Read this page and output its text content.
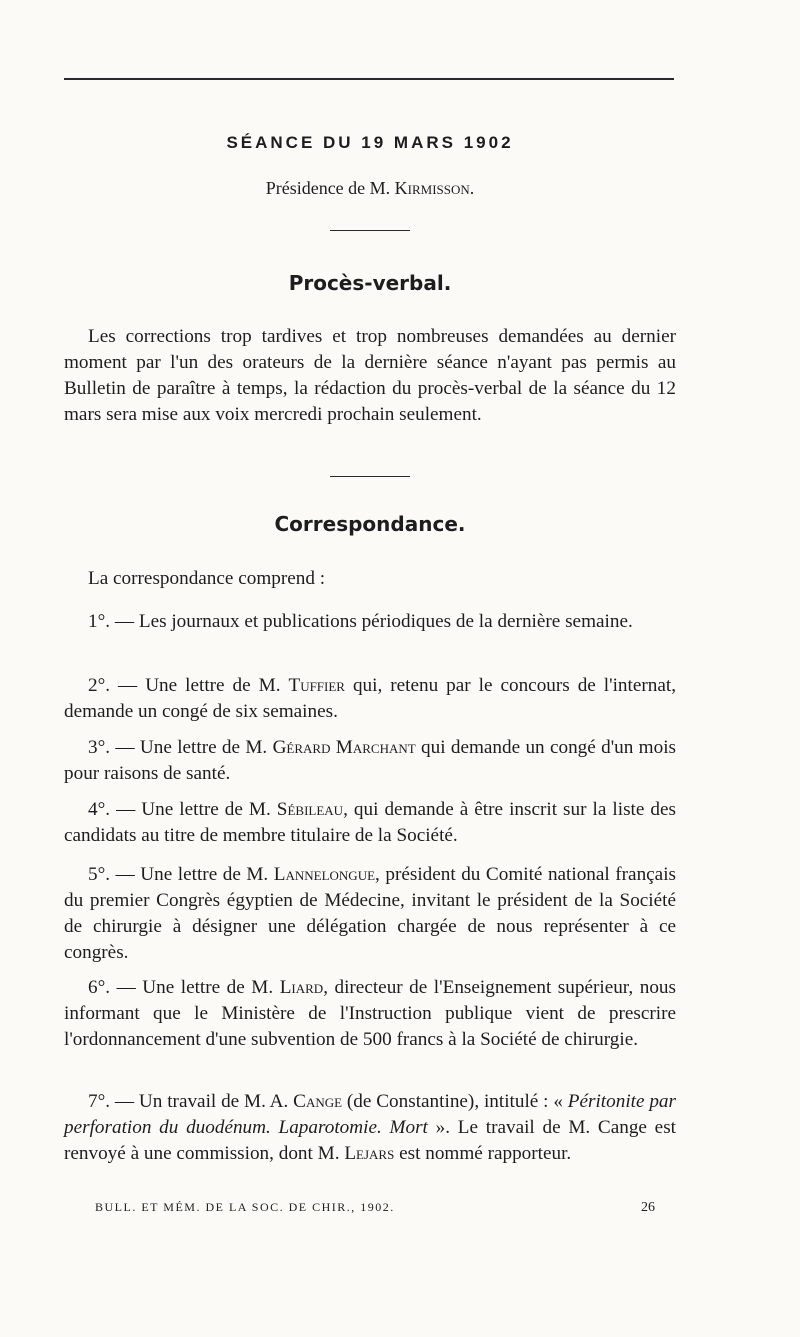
SÉANCE DU 19 MARS 1902
Présidence de M. Kirmisson.
Procès-verbal.

Les corrections trop tardives et trop nombreuses demandées au dernier moment par l'un des orateurs de la dernière séance n'ayant pas permis au Bulletin de paraître à temps, la rédaction du procès-verbal de la séance du 12 mars sera mise aux voix mercredi prochain seulement.

Correspondance.

La correspondance comprend :

1°. — Les journaux et publications périodiques de la dernière semaine.

2°. — Une lettre de M. Tuffier qui, retenu par le concours de l'internat, demande un congé de six semaines.

3°. — Une lettre de M. Gérard Marchant qui demande un congé d'un mois pour raisons de santé.

4°. — Une lettre de M. Sébileau, qui demande à être inscrit sur la liste des candidats au titre de membre titulaire de la Société.

5°. — Une lettre de M. Lannelongue, président du Comité national français du premier Congrès égyptien de Médecine, invitant le président de la Société de chirurgie à désigner une délégation chargée de nous représenter à ce congrès.

6°. — Une lettre de M. Liard, directeur de l'Enseignement supérieur, nous informant que le Ministère de l'Instruction publique vient de prescrire l'ordonnancement d'une subvention de 500 francs à la Société de chirurgie.

7°. — Un travail de M. A. Cange (de Constantine), intitulé : « Péritonite par perforation du duodénum. Laparotomie. Mort ». Le travail de M. Cange est renvoyé à une commission, dont M. Lejars est nommé rapporteur.

BULL. ET MÉM. DE LA SOC. DE CHIR., 1902.	26
